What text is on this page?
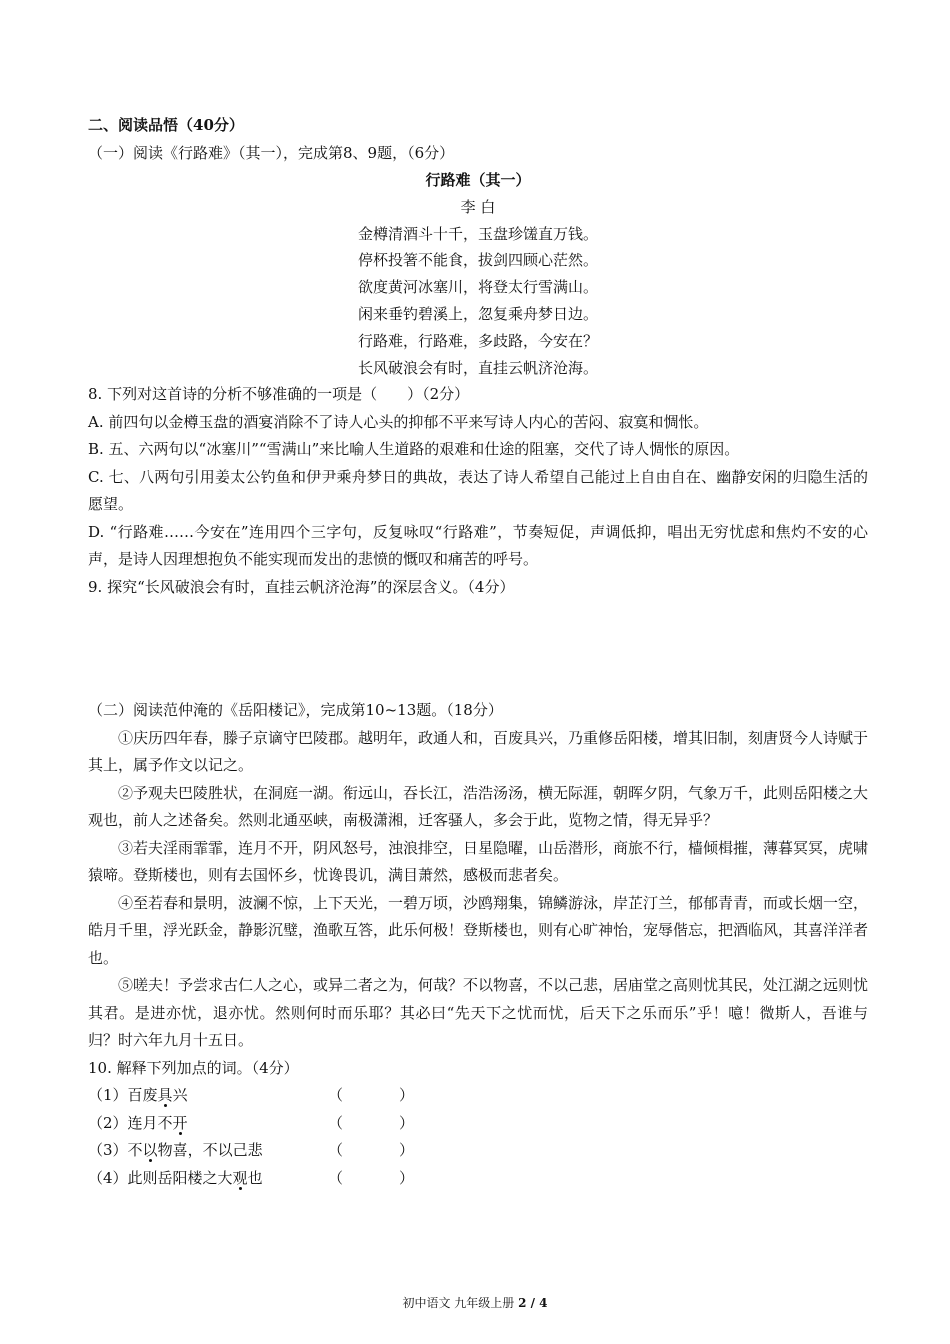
二、阅读品悟（40分）
（一）阅读《行路难》（其一），完成第8、9题，（6分）
行路难（其一）
李 白
金樽清酒斗十千，玉盘珍馐直万钱。
停杯投箸不能食，拔剑四顾心茫然。
欲度黄河冰塞川，将登太行雪满山。
闲来垂钓碧溪上，忽复乘舟梦日边。
行路难，行路难，多歧路，今安在？
长风破浪会有时，直挂云帆济沧海。
8. 下列对这首诗的分析不够准确的一项是（　　）（2分）
A. 前四句以金樽玉盘的酒宴消除不了诗人心头的抑郁不平来写诗人内心的苦闷、寂寞和惆怅。
B. 五、六两句以“冰塞川”“雪满山”来比喻人生道路的艰难和仕途的阻塞，交代了诗人惆怅的原因。
C. 七、八两句引用姜太公钓鱼和伊尹乘舟梦日的典故，表达了诗人希望自己能过上自由自在、幽静安闲的归隐生活的愿望。
D. “行路难……今安在”连用四个三字句，反复咏叹“行路难”，节奏短促，声调低抑，唱出无穷忧虑和焦灼不安的心声，是诗人因理想抱负不能实现而发出的悲愤的慨叹和痛苦的呼号。
9. 探究“长风破浪会有时，直挂云帆济沧海”的深层含义。（4分）
（二）阅读范仲淹的《岳阳楼记》，完成第10~13题。（18分）
①庆历四年春，滕子京谪守巴陵郡。越明年，政通人和，百废具兴，乃重修岳阳楼，增其旧制，刻唐贤今人诗赋于其上，属予作文以记之。
②予观夫巴陵胜状，在洞庭一湖。衔远山，吞长江，浩浩汤汤，横无际涯，朝晖夕阴，气象万千，此则岳阳楼之大观也，前人之述备矣。然则北通巫峡，南极潇湘，迁客骚人，多会于此，览物之情，得无异乎？
③若夫淫雨霏霏，连月不开，阴风怒号，浊浪排空，日星隐曜，山岳潜形，商旅不行，樯倾楫摧，薄暮冥冥，虎啸猿啼。登斯楼也，则有去国怀乡，忧谗畏讥，满目萧然，感极而悲者矣。
④至若春和景明，波澜不惊，上下天光，一碧万顷，沙鸥翔集，锦鳞游泳，岸芷汀兰，郁郁青青，而或长烟一空，皓月千里，浮光跃金，静影沉璧，渔歌互答，此乐何极！登斯楼也，则有心旷神怡，宠辱偕忘，把酒临风，其喜洋洋者也。
⑤嗟夫！予尝求古仁人之心，或异二者之为，何哉？不以物喜，不以己悲，居庙堂之高则忧其民，处江湖之远则忧其君。是进亦忧，退亦忧。然则何时而乐耶？其必曰“先天下之忧而忧，后天下之乐而乐”乎！噫！微斯人，吾谁与归？时六年九月十五日。
10. 解释下列加点的词。（4分）
（1）百废具兴	（	）
（2）连月不开	（	）
（3）不以物喜，不以己悲	（	）
（4）此则岳阳楼之大观也	（	）
初中语文 九年级上册 2 / 4
